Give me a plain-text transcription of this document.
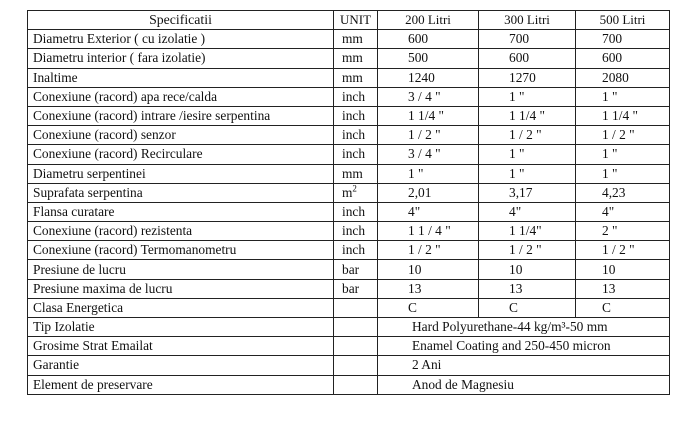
Specificatii	UNIT	200 Litri	300 Litri	500 Litri
Diametru Exterior ( cu izolatie )	mm	600	700	700
Diametru interior ( fara izolatie)	mm	500	600	600
Inaltime	mm	1240	1270	2080
Conexiune (racord) apa rece/calda	inch	3 / 4 "	1 "	1 "
Conexiune (racord) intrare /iesire serpentina	inch	1 1/4 "	1 1/4 "	1 1/4 "
Conexiune (racord) senzor	inch	1 / 2 "	1 / 2 "	1 / 2 "
Conexiune (racord) Recirculare	inch	3 / 4 "	1 "	1 "
Diametru serpentinei	mm	1 "	1 "	1 "
Suprafata serpentina	$m^2$	2,01	3,17	4,23
Flansa curatare	inch	4"	4"	4"
Conexiune (racord) rezistenta	inch	1 1 / 4 "	1 1/4"	2 "
Conexiune (racord) Termomanometru	inch	1 / 2 "	1 / 2 "	1 / 2 "
Presiune de lucru	bar	10	10	10
Presiune maxima de lucru	bar	13	13	13
Clasa Energetica		C	C	C
Tip Izolatie		Hard Polyurethane-44 kg/m³-50 mm		
Grosime Strat Emailat		Enamel Coating and 250-450 micron		
Garantie		2 Ani		
Element de preservare		Anod de Magnesiu		
